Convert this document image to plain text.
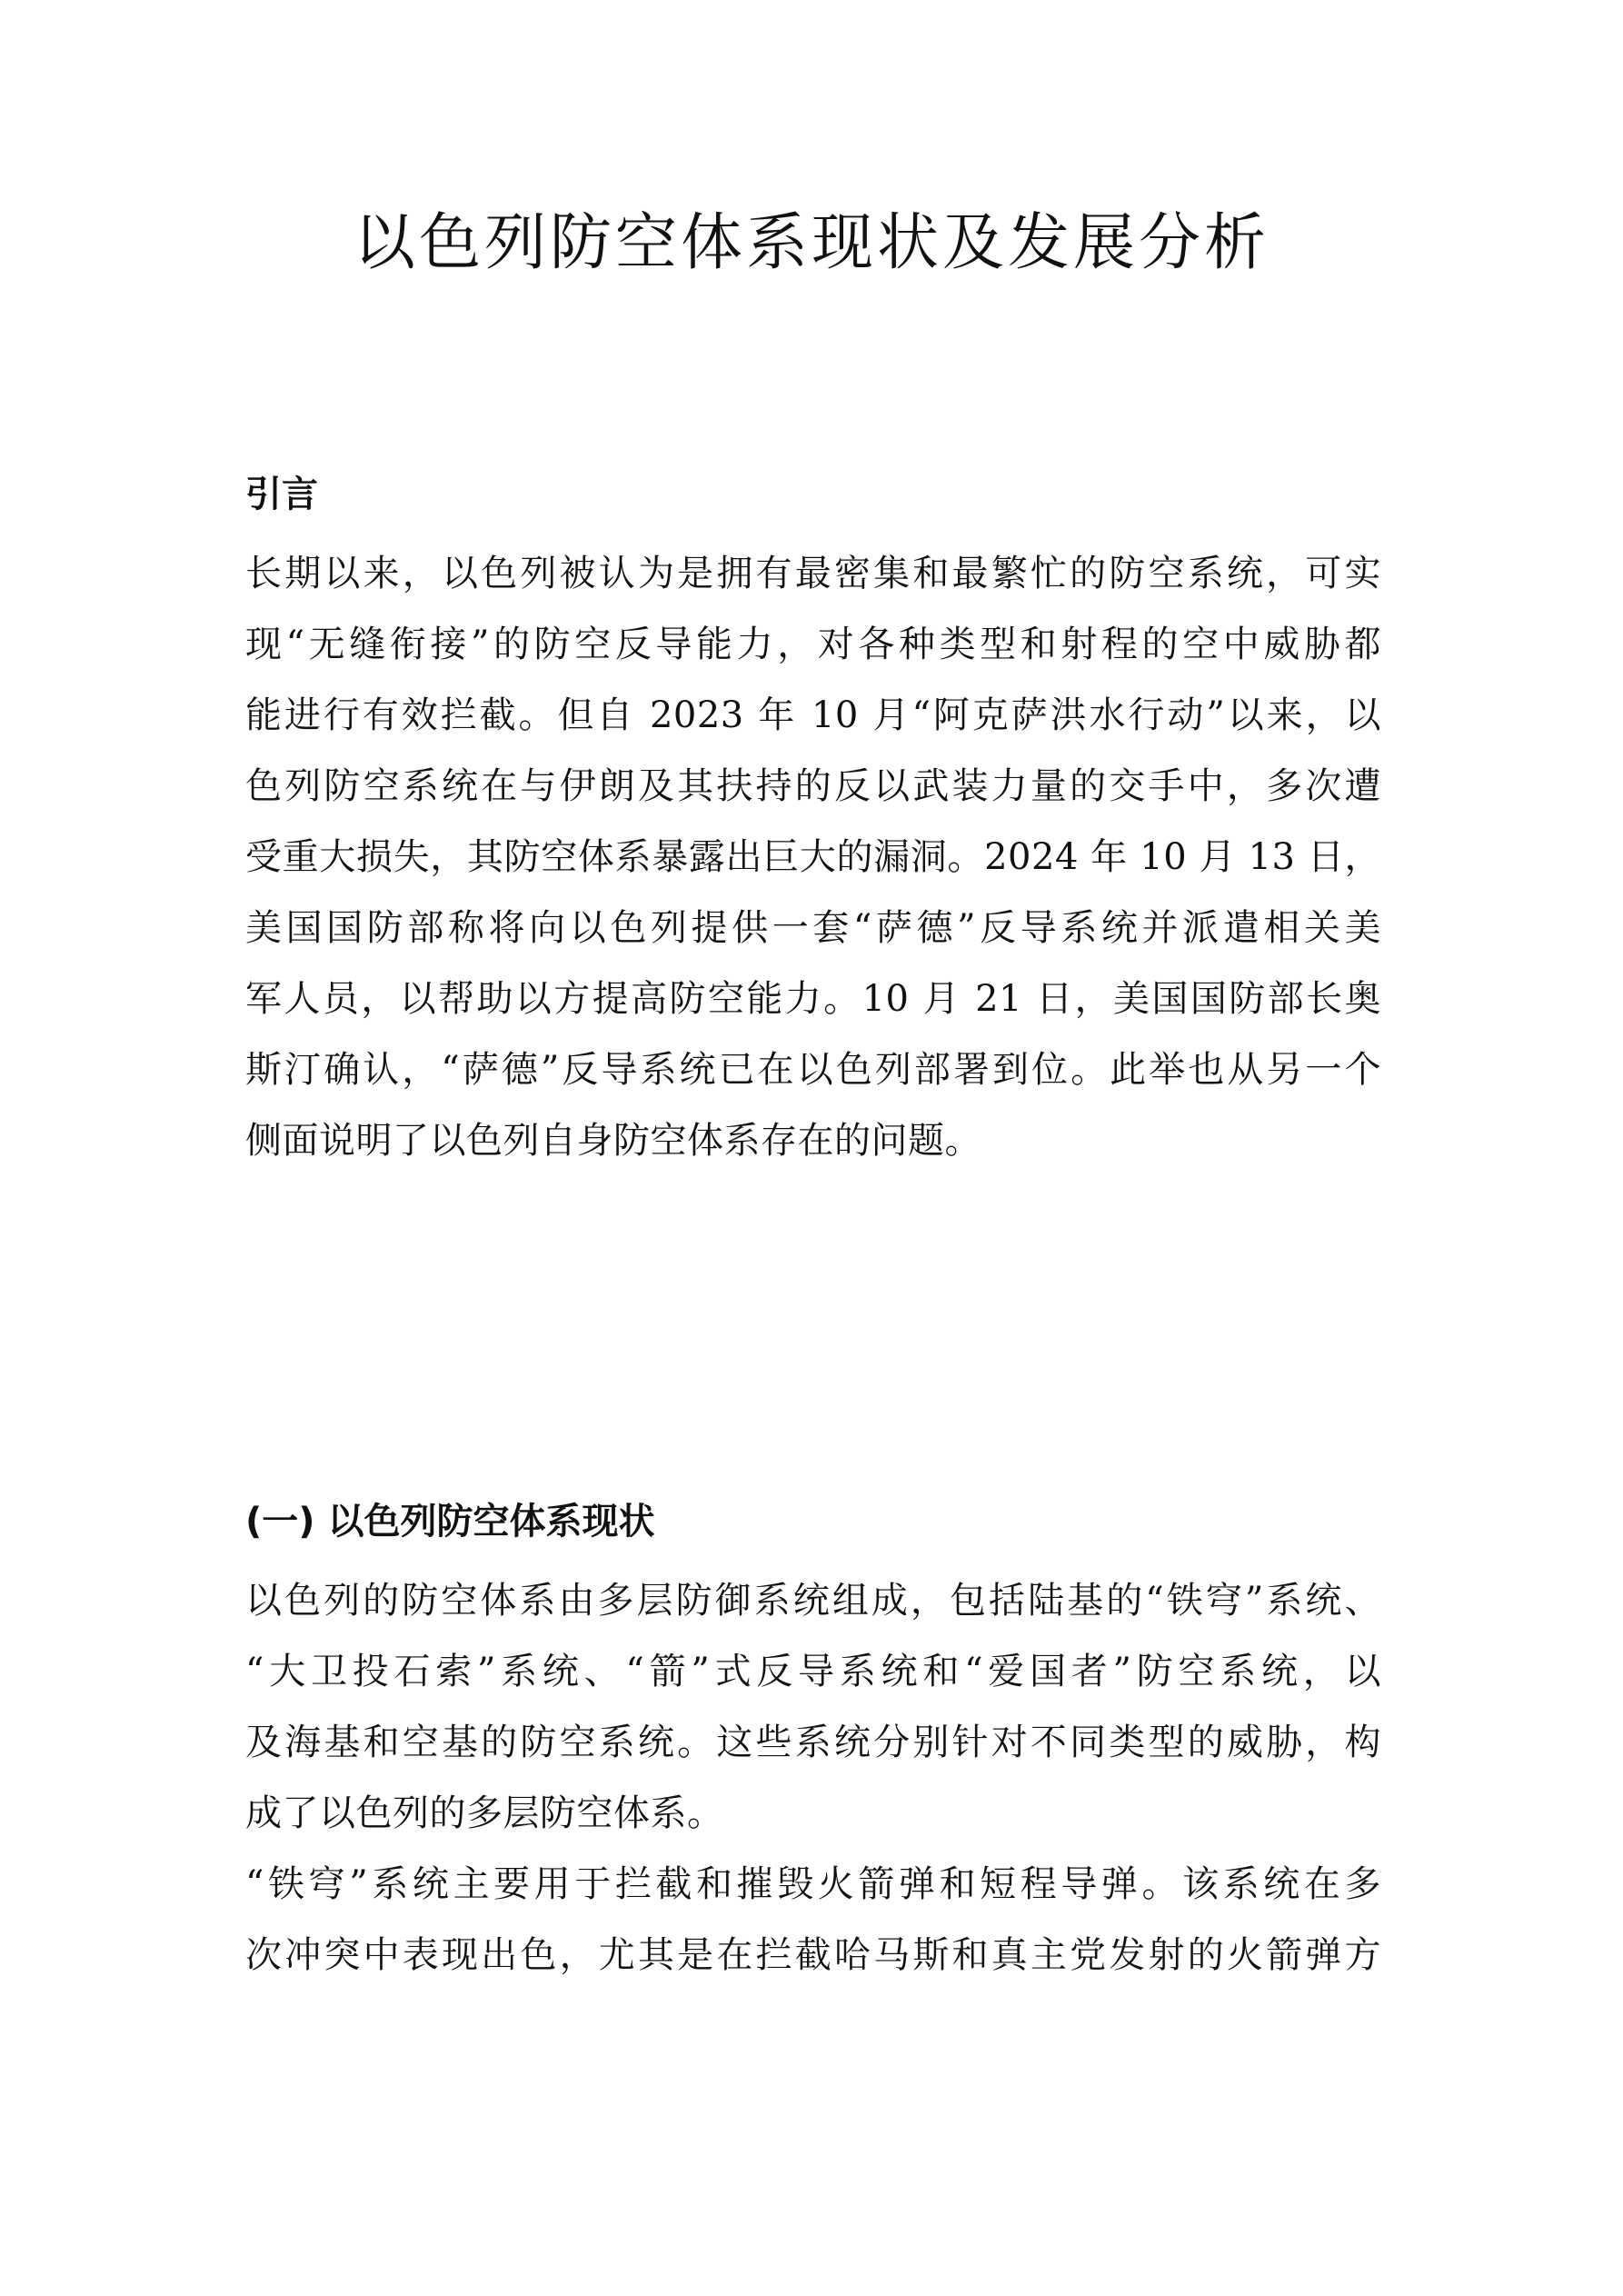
以色列防空体系现状及发展分析
引言
长期以来，以色列被认为是拥有最密集和最繁忙的防空系统，可实
现“无缝衔接”的防空反导能力，对各种类型和射程的空中威胁都
能进行有效拦截。但自 2023 年 10 月“阿克萨洪水行动”以来，以
色列防空系统在与伊朗及其扶持的反以武装力量的交手中，多次遭
受重大损失，其防空体系暴露出巨大的漏洞。2024 年 10 月 13 日，
美国国防部称将向以色列提供一套“萨德”反导系统并派遣相关美
军人员，以帮助以方提高防空能力。10 月 21 日，美国国防部长奥
斯汀确认，“萨德”反导系统已在以色列部署到位。此举也从另一个
侧面说明了以色列自身防空体系存在的问题。
(一) 以色列防空体系现状
以色列的防空体系由多层防御系统组成，包括陆基的“铁穹”系统、
“大卫投石索”系统、“箭”式反导系统和“爱国者”防空系统，以
及海基和空基的防空系统。这些系统分别针对不同类型的威胁，构
成了以色列的多层防空体系。
“铁穹”系统主要用于拦截和摧毁火箭弹和短程导弹。该系统在多
次冲突中表现出色，尤其是在拦截哈马斯和真主党发射的火箭弹方
